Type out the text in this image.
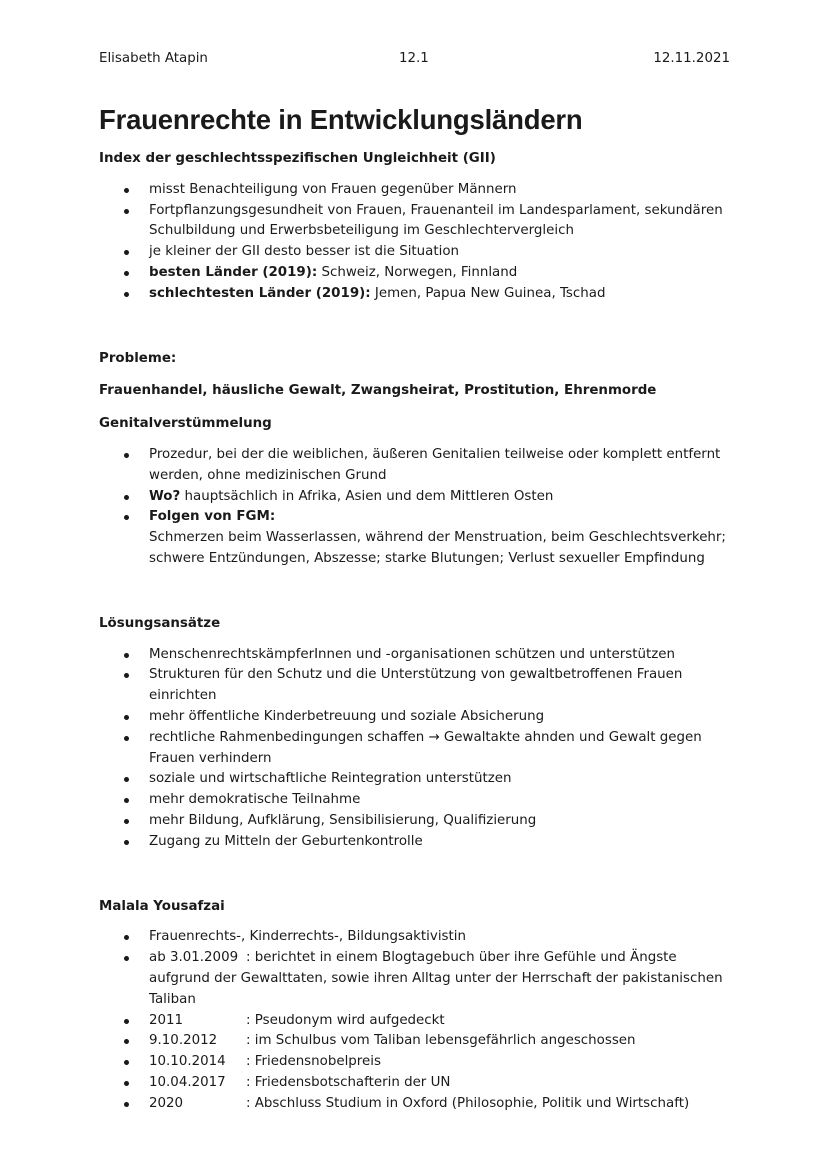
Elisabeth Atapin	12.1	12.11.2021
Frauenrechte in Entwicklungsländern

Index der geschlechtsspezifischen Ungleichheit (GII)

misst Benachteiligung von Frauen gegenüber Männern
Fortpflanzungsgesundheit von Frauen, Frauenanteil im Landesparlament, sekundären Schulbildung und Erwerbsbeteiligung im Geschlechtervergleich
je kleiner der GII desto besser ist die Situation
besten Länder (2019): Schweiz, Norwegen, Finnland
schlechtesten Länder (2019): Jemen, Papua New Guinea, Tschad

Probleme:

Frauenhandel, häusliche Gewalt, Zwangsheirat, Prostitution, Ehrenmorde

Genitalverstümmelung

Prozedur, bei der die weiblichen, äußeren Genitalien teilweise oder komplett entfernt werden, ohne medizinischen Grund
Wo? hauptsächlich in Afrika, Asien und dem Mittleren Osten
Folgen von FGM:
Schmerzen beim Wasserlassen, während der Menstruation, beim Geschlechtsverkehr; schwere Entzündungen, Abszesse; starke Blutungen; Verlust sexueller Empfindung

Lösungsansätze

MenschenrechtskämpferInnen und -organisationen schützen und unterstützen
Strukturen für den Schutz und die Unterstützung von gewaltbetroffenen Frauen einrichten
mehr öffentliche Kinderbetreuung und soziale Absicherung
rechtliche Rahmenbedingungen schaffen → Gewaltakte ahnden und Gewalt gegen Frauen verhindern
soziale und wirtschaftliche Reintegration unterstützen
mehr demokratische Teilnahme
mehr Bildung, Aufklärung, Sensibilisierung, Qualifizierung
Zugang zu Mitteln der Geburtenkontrolle

Malala Yousafzai

Frauenrechts-, Kinderrechts-, Bildungsaktivistin
ab 3.01.2009 : berichtet in einem Blogtagebuch über ihre Gefühle und Ängste aufgrund der Gewalttaten, sowie ihren Alltag unter der Herrschaft der pakistanischen Taliban
2011	: Pseudonym wird aufgedeckt
9.10.2012 : im Schulbus vom Taliban lebensgefährlich angeschossen
10.10.2014 : Friedensnobelpreis
10.04.2017 : Friedensbotschafterin der UN
2020	: Abschluss Studium in Oxford (Philosophie, Politik und Wirtschaft)
